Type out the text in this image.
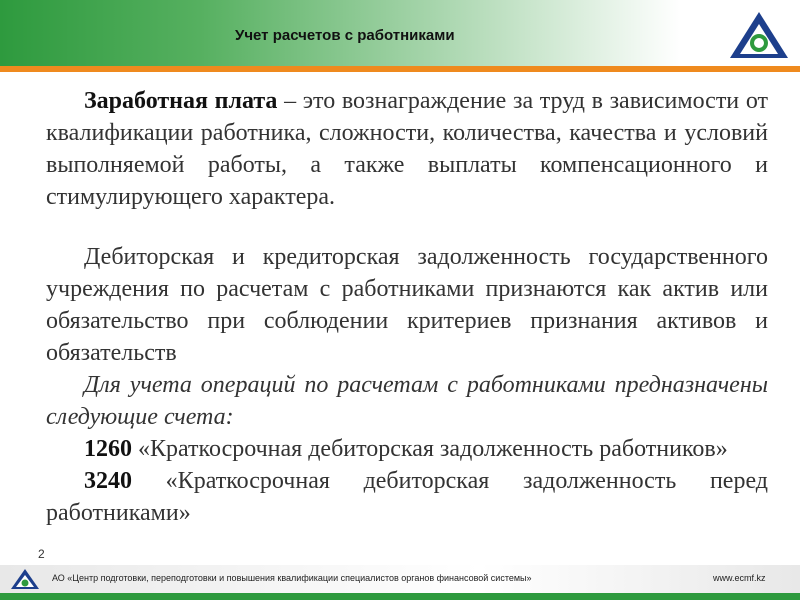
Учет расчетов с работниками

Заработная плата – это вознаграждение за труд в зависимости от квалификации работника, сложности, количества, качества и условий выполняемой работы, а также выплаты компенсационного и стимулирующего характера.

Дебиторская и кредиторская задолженность государственного учреждения по расчетам с работниками признаются как актив или обязательство при соблюдении критериев признания активов и обязательств

Для учета операций по расчетам с работниками предназначены следующие счета:

1260 «Краткосрочная дебиторская задолженность работников»

3240 «Краткосрочная дебиторская задолженность перед работниками»

2
АО «Центр подготовки, переподготовки и повышения квалификации специалистов органов финансовой системы»	www.ecmf.kz
